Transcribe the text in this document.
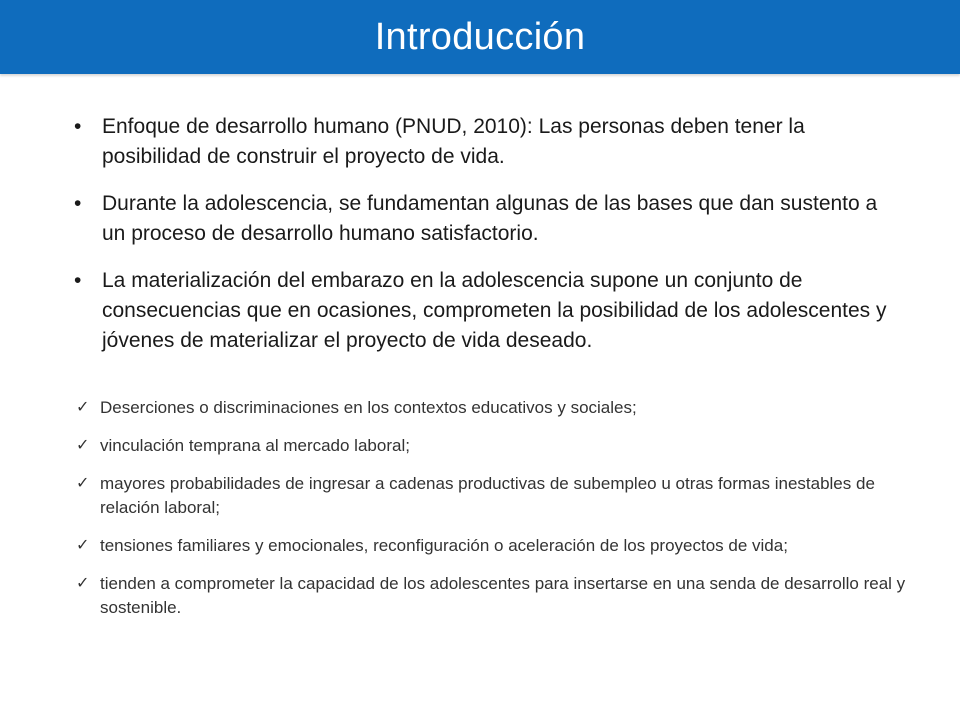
Introducción
• Enfoque de desarrollo humano (PNUD, 2010): Las personas deben tener la posibilidad de construir el proyecto de vida.
• Durante la adolescencia, se fundamentan algunas de las bases que dan sustento a un proceso de desarrollo humano satisfactorio.
• La materialización del embarazo en la adolescencia supone un conjunto de consecuencias que en ocasiones, comprometen la posibilidad de los adolescentes y jóvenes de materializar el proyecto de vida deseado.
✓ Deserciones o discriminaciones en los contextos educativos y sociales;
✓ vinculación temprana al mercado laboral;
✓ mayores probabilidades de ingresar a cadenas productivas de subempleo u otras formas inestables de relación laboral;
✓ tensiones familiares y emocionales, reconfiguración o aceleración de los proyectos de vida;
✓ tienden a comprometer la capacidad de los adolescentes para insertarse en una senda de desarrollo real y sostenible.
